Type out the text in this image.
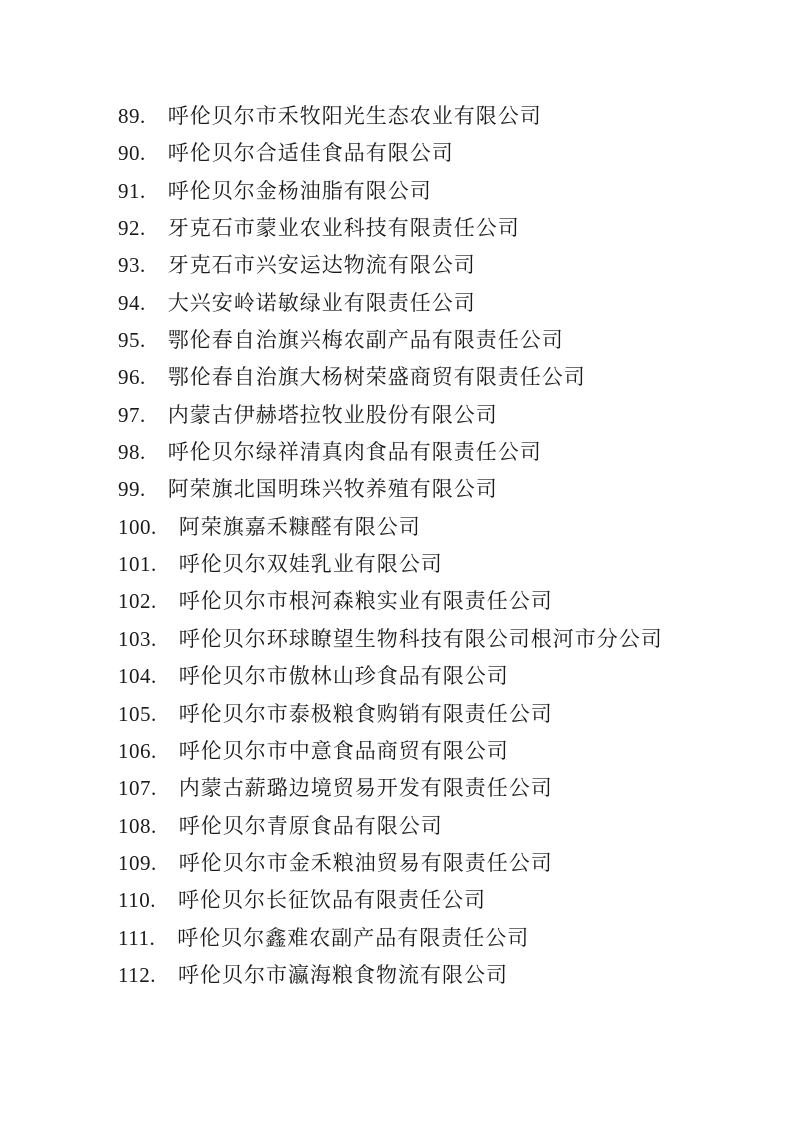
89. 呼伦贝尔市禾牧阳光生态农业有限公司
90. 呼伦贝尔合适佳食品有限公司
91. 呼伦贝尔金杨油脂有限公司
92. 牙克石市蒙业农业科技有限责任公司
93. 牙克石市兴安运达物流有限公司
94. 大兴安岭诺敏绿业有限责任公司
95. 鄂伦春自治旗兴梅农副产品有限责任公司
96. 鄂伦春自治旗大杨树荣盛商贸有限责任公司
97. 内蒙古伊赫塔拉牧业股份有限公司
98. 呼伦贝尔绿祥清真肉食品有限责任公司
99. 阿荣旗北国明珠兴牧养殖有限公司
100. 阿荣旗嘉禾糠醛有限公司
101. 呼伦贝尔双娃乳业有限公司
102. 呼伦贝尔市根河森粮实业有限责任公司
103. 呼伦贝尔环球瞭望生物科技有限公司根河市分公司
104. 呼伦贝尔市傲林山珍食品有限公司
105. 呼伦贝尔市泰极粮食购销有限责任公司
106. 呼伦贝尔市中意食品商贸有限公司
107. 内蒙古薪璐边境贸易开发有限责任公司
108. 呼伦贝尔青原食品有限公司
109. 呼伦贝尔市金禾粮油贸易有限责任公司
110. 呼伦贝尔长征饮品有限责任公司
111. 呼伦贝尔鑫难农副产品有限责任公司
112. 呼伦贝尔市瀛海粮食物流有限公司
